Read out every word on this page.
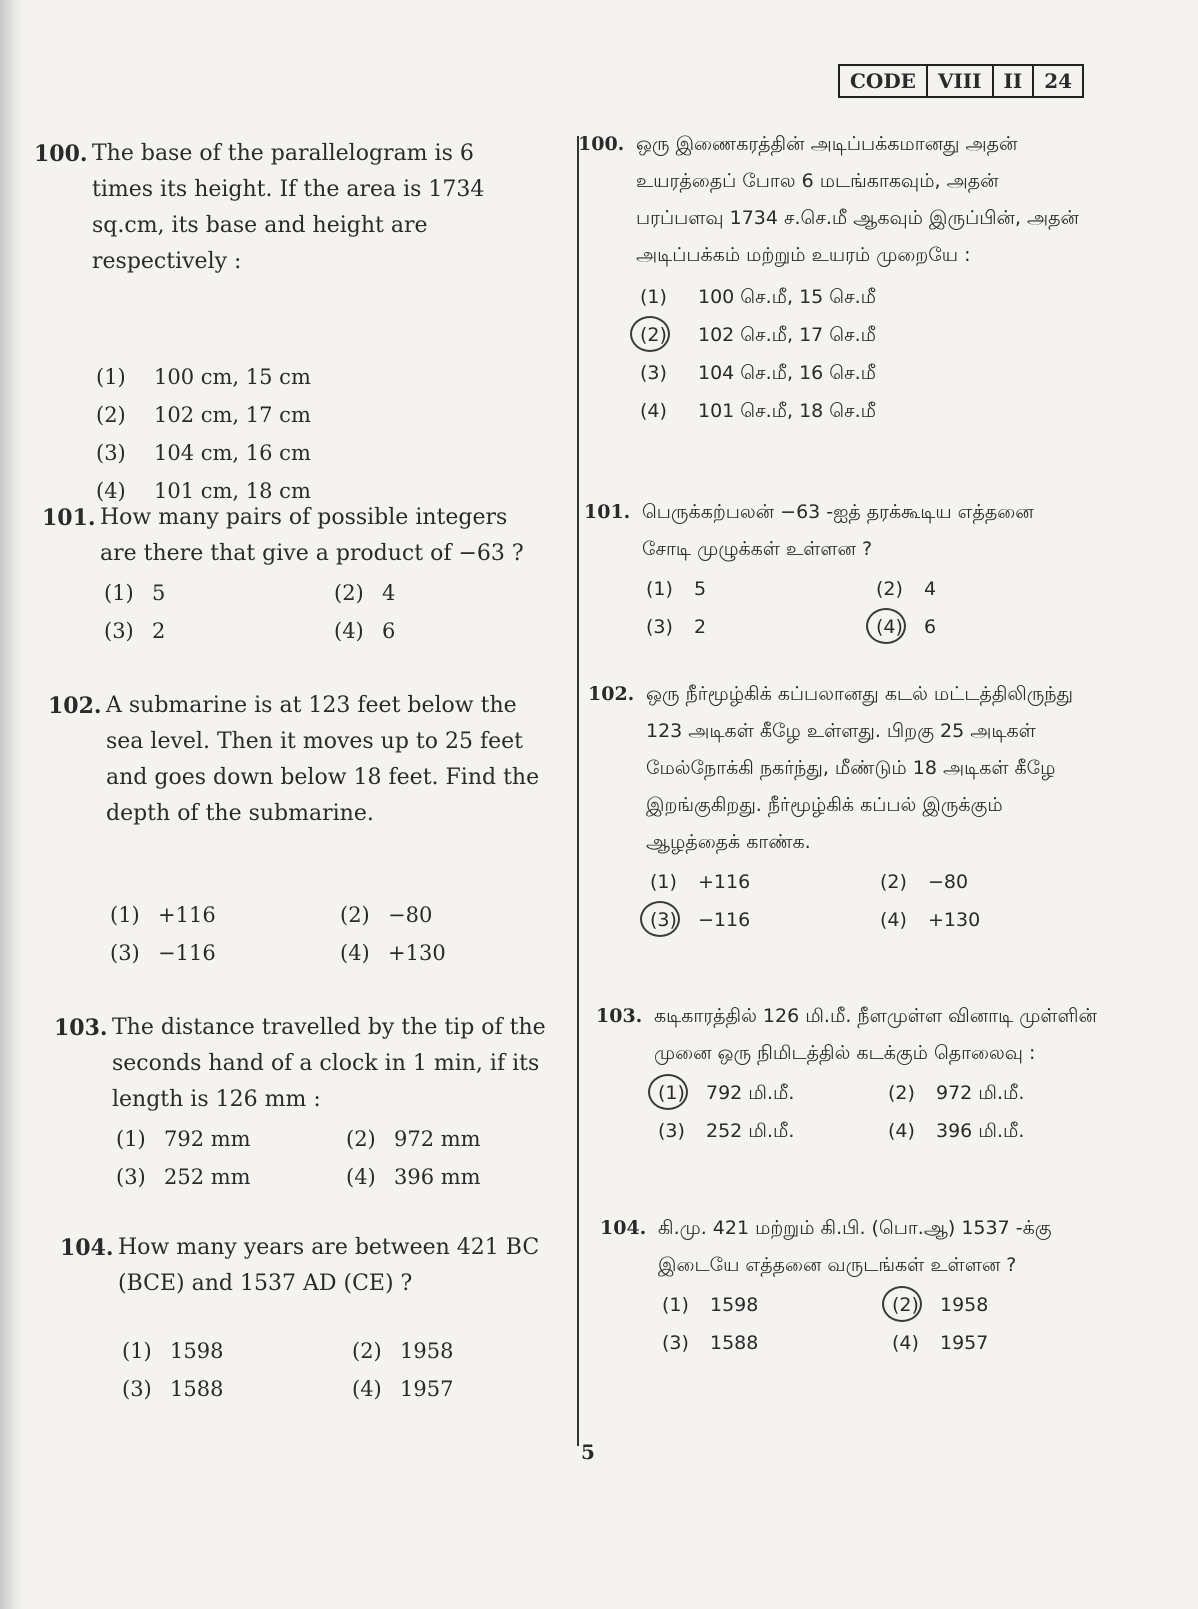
CODE	VIII	II	24
100. The base of the parallelogram is 6 times its height. If the area is 1734 sq.cm, its base and height are respectively :
(1)	100 cm, 15 cm
(2)	102 cm, 17 cm
(3)	104 cm, 16 cm
(4)	101 cm, 18 cm
101. How many pairs of possible integers are there that give a product of −63 ?
(1) 5	(2) 4
(3) 2	(4) 6
102. A submarine is at 123 feet below the sea level. Then it moves up to 25 feet and goes down below 18 feet. Find the depth of the submarine.
(1) +116	(2) −80
(3) −116	(4) +130
103. The distance travelled by the tip of the seconds hand of a clock in 1 min, if its length is 126 mm :
(1) 792 mm	(2) 972 mm
(3) 252 mm	(4) 396 mm
104. How many years are between 421 BC (BCE) and 1537 AD (CE) ?
(1) 1598	(2) 1958
(3) 1588	(4) 1957
100. ஒரு இணைகரத்தின் அடிப்பக்கமானது அதன் உயரத்தைப் போல 6 மடங்காகவும், அதன் பரப்பளவு 1734 ச.செ.மீ ஆகவும் இருப்பின், அதன் அடிப்பக்கம் மற்றும் உயரம் முறையே :
(1)	100 செ.மீ, 15 செ.மீ
(2)	102 செ.மீ, 17 செ.மீ
(3)	104 செ.மீ, 16 செ.மீ
(4)	101 செ.மீ, 18 செ.மீ
101. பெருக்கற்பலன் −63 -ஐத் தரக்கூடிய எத்தனை சோடி முழுக்கள் உள்ளன ?
(1)	5	(2)	4
(3)	2	(4)	6
102. ஒரு நீர்மூழ்கிக் கப்பலானது கடல் மட்டத்திலிருந்து 123 அடிகள் கீழே உள்ளது. பிறகு 25 அடிகள் மேல்நோக்கி நகர்ந்து, மீண்டும் 18 அடிகள் கீழே இறங்குகிறது. நீர்மூழ்கிக் கப்பல் இருக்கும் ஆழத்தைக் காண்க.
(1)	+116	(2)	−80
(3)	−116	(4)	+130
103. கடிகாரத்தில் 126 மி.மீ. நீளமுள்ள வினாடி முள்ளின் முனை ஒரு நிமிடத்தில் கடக்கும் தொலைவு :
(1)	792 மி.மீ.	(2)	972 மி.மீ.
(3)	252 மி.மீ.	(4)	396 மி.மீ.
104. கி.மு. 421 மற்றும் கி.பி. (பொ.ஆ) 1537 -க்கு இடையே எத்தனை வருடங்கள் உள்ளன ?
(1)	1598	(2)	1958
(3)	1588	(4)	1957
5
